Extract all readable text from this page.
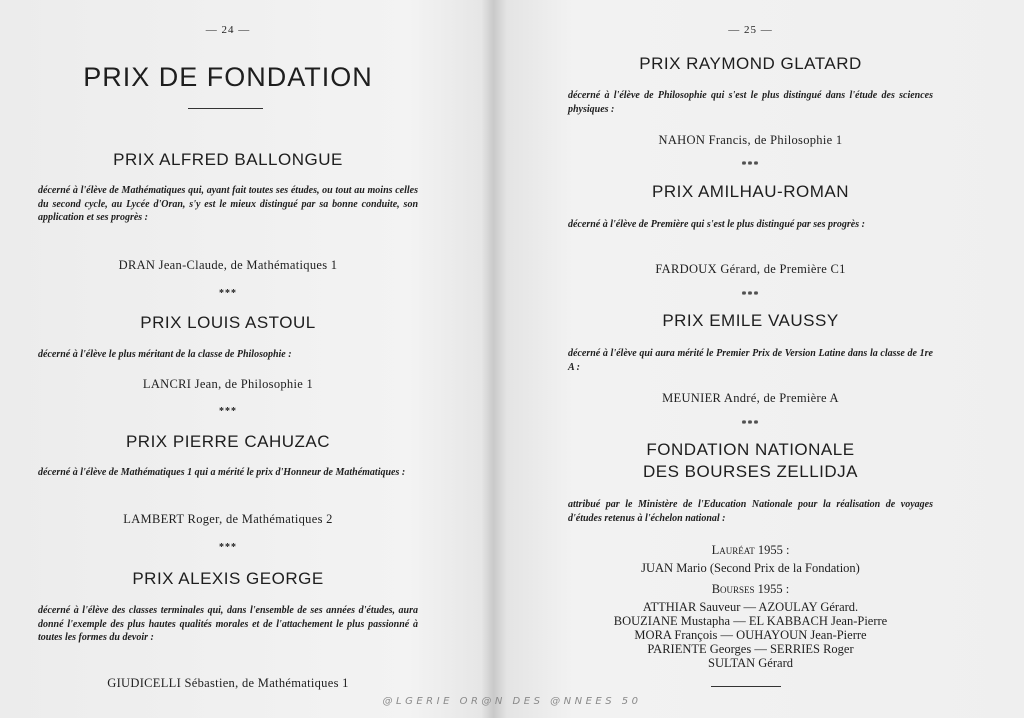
— 24 —

PRIX DE FONDATION
PRIX ALFRED BALLONGUE

décerné à l'élève de Mathématiques qui, ayant fait toutes ses études, ou tout au moins celles du second cycle, au Lycée d'Oran, s'y est le mieux distingué par sa bonne conduite, son application et ses progrès :

DRAN Jean-Claude, de Mathématiques 1

***

PRIX LOUIS ASTOUL

décerné à l'élève le plus méritant de la classe de Philosophie :

LANCRI Jean, de Philosophie 1

***

PRIX PIERRE CAHUZAC

décerné à l'élève de Mathématiques 1 qui a mérité le prix d'Honneur de Mathématiques :

LAMBERT Roger, de Mathématiques 2

***

PRIX ALEXIS GEORGE

décerné à l'élève des classes terminales qui, dans l'ensemble de ses années d'études, aura donné l'exemple des plus hautes qualités morales et de l'attachement le plus passionné à toutes les formes du devoir :

GIUDICELLI Sébastien, de Mathématiques 1

— 25 —

PRIX RAYMOND GLATARD

décerné à l'élève de Philosophie qui s'est le plus distingué dans l'étude des sciences physiques :

NAHON Francis, de Philosophie 1

***

PRIX AMILHAU-ROMAN

décerné à l'élève de Première qui s'est le plus distingué par ses progrès :

FARDOUX Gérard, de Première C1

***

PRIX EMILE VAUSSY

décerné à l'élève qui aura mérité le Premier Prix de Version Latine dans la classe de 1re A :

MEUNIER André, de Première A

***

FONDATION NATIONALE
DES BOURSES ZELLIDJA

attribué par le Ministère de l'Education Nationale pour la réalisation de voyages d'études retenus à l'échelon national :

Lauréat 1955 :

JUAN Mario (Second Prix de la Fondation)

Bourses 1955 :

ATTHIAR Sauveur — AZOULAY Gérard.

BOUZIANE Mustapha — EL KABBACH Jean-Pierre

MORA François — OUHAYOUN Jean-Pierre

PARIENTE Georges — SERRIES Roger

SULTAN Gérard

@LGERIE OR@N DES @NNEES 50
